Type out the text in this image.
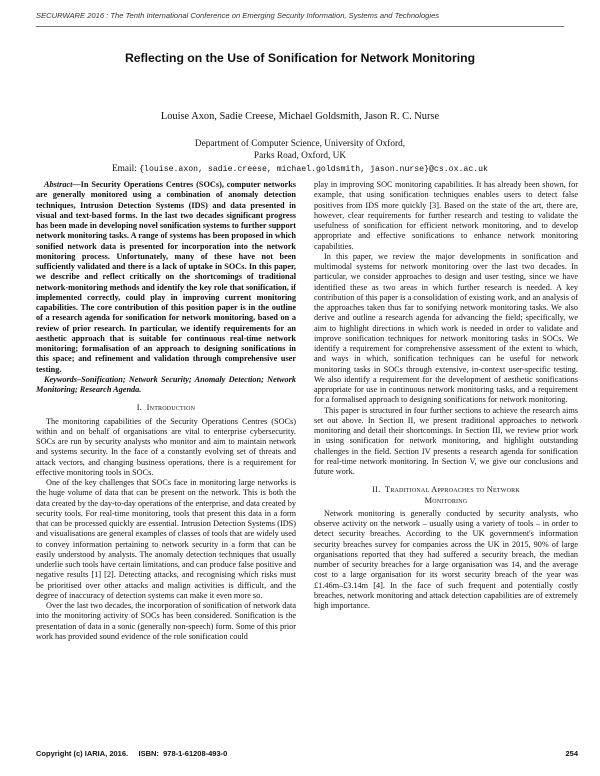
SECURWARE 2016 : The Tenth International Conference on Emerging Security Information, Systems and Technologies
Reflecting on the Use of Sonification for Network Monitoring
Louise Axon, Sadie Creese, Michael Goldsmith, Jason R. C. Nurse
Department of Computer Science, University of Oxford,
Parks Road, Oxford, UK
Email: {louise.axon, sadie.creese, michael.goldsmith, jason.nurse}@cs.ox.ac.uk

Abstract—In Security Operations Centres (SOCs), computer networks are generally monitored using a combination of anomaly detection techniques, Intrusion Detection Systems (IDS) and data presented in visual and text-based forms. In the last two decades significant progress has been made in developing novel sonification systems to further support network monitoring tasks. A range of systems has been proposed in which sonified network data is presented for incorporation into the network monitoring process. Unfortunately, many of these have not been sufficiently validated and there is a lack of uptake in SOCs. In this paper, we describe and reflect critically on the shortcomings of traditional network-monitoring methods and identify the key role that sonification, if implemented correctly, could play in improving current monitoring capabilities. The core contribution of this position paper is in the outline of a research agenda for sonification for network monitoring, based on a review of prior research. In particular, we identify requirements for an aesthetic approach that is suitable for continuous real-time network monitoring; formalisation of an approach to designing sonifications in this space; and refinement and validation through comprehensive user testing.

Keywords–Sonification; Network Security; Anomaly Detection; Network Monitoring; Research Agenda.

I. Introduction

The monitoring capabilities of the Security Operations Centres (SOCs) within and on behalf of organisations are vital to enterprise cybersecurity. SOCs are run by security analysts who monitor and aim to maintain network and systems security. In the face of a constantly evolving set of threats and attack vectors, and changing business operations, there is a requirement for effective monitoring tools in SOCs.

One of the key challenges that SOCs face in monitoring large networks is the huge volume of data that can be present on the network. This is both the data created by the day-to-day operations of the enterprise, and data created by security tools. For real-time monitoring, tools that present this data in a form that can be processed quickly are essential. Intrusion Detection Systems (IDS) and visualisations are general examples of classes of tools that are widely used to convey information pertaining to network security in a form that can be easily understood by analysts. The anomaly detection techniques that usually underlie such tools have certain limitations, and can produce false positive and negative results [1] [2]. Detecting attacks, and recognising which risks must be prioritised over other attacks and malign activities is difficult, and the degree of inaccuracy of detection systems can make it even more so.

Over the last two decades, the incorporation of sonification of network data into the monitoring activity of SOCs has been considered. Sonification is the presentation of data in a sonic (generally non-speech) form. Some of this prior work has provided sound evidence of the role sonification could

play in improving SOC monitoring capabilities. It has already been shown, for example, that using sonification techniques enables users to detect false positives from IDS more quickly [3]. Based on the state of the art, there are, however, clear requirements for further research and testing to validate the usefulness of sonification for efficient network monitoring, and to develop appropriate and effective sonifications to enhance network monitoring capabilities.

In this paper, we review the major developments in sonification and multimodal systems for network monitoring over the last two decades. In particular, we consider approaches to design and user testing, since we have identified these as two areas in which further research is needed. A key contribution of this paper is a consolidation of existing work, and an analysis of the approaches taken thus far to sonifying network monitoring tasks. We also derive and outline a research agenda for advancing the field; specifically, we aim to highlight directions in which work is needed in order to validate and improve sonification techniques for network monitoring tasks in SOCs. We identify a requirement for comprehensive assessment of the extent to which, and ways in which, sonification techniques can be useful for network monitoring tasks in SOCs through extensive, in-context user-specific testing. We also identify a requirement for the development of aesthetic sonifications appropriate for use in continuous network monitoring tasks, and a requirement for a formalised approach to designing sonifications for network monitoring.

This paper is structured in four further sections to achieve the research aims set out above. In Section II, we present traditional approaches to network monitoring and detail their shortcomings. In Section III, we review prior work in using sonification for network monitoring, and highlight outstanding challenges in the field. Section IV presents a research agenda for sonification for real-time network monitoring. In Section V, we give our conclusions and future work.

II. Traditional Approaches to Network
Monitoring

Network monitoring is generally conducted by security analysts, who observe activity on the network – usually using a variety of tools – in order to detect security breaches. According to the UK government's information security breaches survey for companies across the UK in 2015, 90% of large organisations reported that they had suffered a security breach, the median number of security breaches for a large organisation was 14, and the average cost to a large organisation for its worst security breach of the year was £1.46m–£3.14m [4]. In the face of such frequent and potentially costly breaches, network monitoring and attack detection capabilities are of extremely high importance.

Copyright (c) IARIA, 2016.     ISBN:  978-1-61208-493-0	254
